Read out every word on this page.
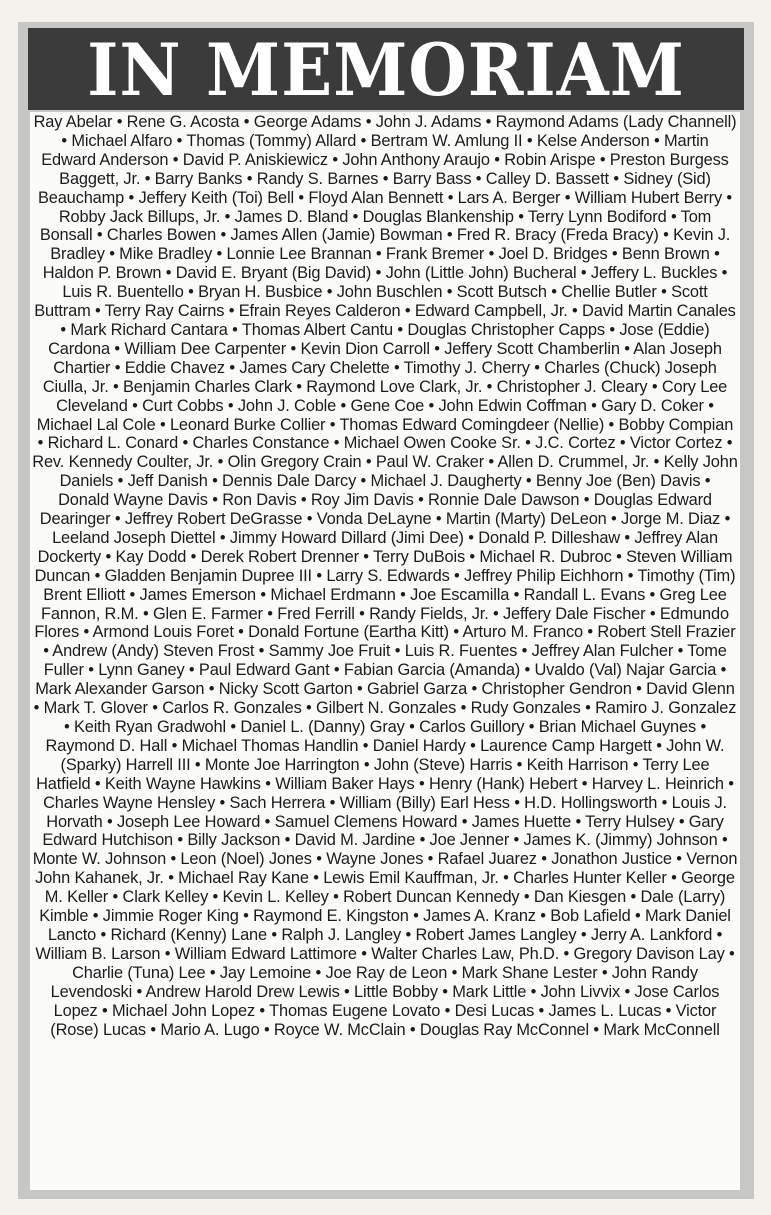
IN MEMORIAM

Ray Abelar • Rene G. Acosta • George Adams • John J. Adams • Raymond Adams (Lady Channell) • Michael Alfaro • Thomas (Tommy) Allard • Bertram W. Amlung II • Kelse Anderson • Martin Edward Anderson • David P. Aniskiewicz • John Anthony Araujo • Robin Arispe • Preston Burgess Baggett, Jr. • Barry Banks • Randy S. Barnes • Barry Bass • Calley D. Bassett • Sidney (Sid) Beauchamp • Jeffery Keith (Toi) Bell • Floyd Alan Bennett • Lars A. Berger • William Hubert Berry • Robby Jack Billups, Jr. • James D. Bland • Douglas Blankenship • Terry Lynn Bodiford • Tom Bonsall • Charles Bowen • James Allen (Jamie) Bowman • Fred R. Bracy (Freda Bracy) • Kevin J. Bradley • Mike Bradley • Lonnie Lee Brannan • Frank Bremer • Joel D. Bridges • Benn Brown • Haldon P. Brown • David E. Bryant (Big David) • John (Little John) Bucheral • Jeffery L. Buckles • Luis R. Buentello • Bryan H. Busbice • John Buschlen • Scott Butsch • Chellie Butler • Scott Buttram • Terry Ray Cairns • Efrain Reyes Calderon • Edward Campbell, Jr. • David Martin Canales • Mark Richard Cantara • Thomas Albert Cantu • Douglas Christopher Capps • Jose (Eddie) Cardona • William Dee Carpenter • Kevin Dion Carroll • Jeffery Scott Chamberlin • Alan Joseph Chartier • Eddie Chavez • James Cary Chelette • Timothy J. Cherry • Charles (Chuck) Joseph Ciulla, Jr. • Benjamin Charles Clark • Raymond Love Clark, Jr. • Christopher J. Cleary • Cory Lee Cleveland • Curt Cobbs • John J. Coble • Gene Coe • John Edwin Coffman • Gary D. Coker • Michael Lal Cole • Leonard Burke Collier • Thomas Edward Comingdeer (Nellie) • Bobby Compian • Richard L. Conard • Charles Constance • Michael Owen Cooke Sr. • J.C. Cortez • Victor Cortez • Rev. Kennedy Coulter, Jr. • Olin Gregory Crain • Paul W. Craker • Allen D. Crummel, Jr. • Kelly John Daniels • Jeff Danish • Dennis Dale Darcy • Michael J. Daugherty • Benny Joe (Ben) Davis • Donald Wayne Davis • Ron Davis • Roy Jim Davis • Ronnie Dale Dawson • Douglas Edward Dearinger • Jeffrey Robert DeGrasse • Vonda DeLayne • Martin (Marty) DeLeon • Jorge M. Diaz • Leeland Joseph Diettel • Jimmy Howard Dillard (Jimi Dee) • Donald P. Dilleshaw • Jeffrey Alan Dockerty • Kay Dodd • Derek Robert Drenner • Terry DuBois • Michael R. Dubroc • Steven William Duncan • Gladden Benjamin Dupree III • Larry S. Edwards • Jeffrey Philip Eichhorn • Timothy (Tim) Brent Elliott • James Emerson • Michael Erdmann • Joe Escamilla • Randall L. Evans • Greg Lee Fannon, R.M. • Glen E. Farmer • Fred Ferrill • Randy Fields, Jr. • Jeffery Dale Fischer • Edmundo Flores • Armond Louis Foret • Donald Fortune (Eartha Kitt) • Arturo M. Franco • Robert Stell Frazier • Andrew (Andy) Steven Frost • Sammy Joe Fruit • Luis R. Fuentes • Jeffrey Alan Fulcher • Tome Fuller • Lynn Ganey • Paul Edward Gant • Fabian Garcia (Amanda) • Uvaldo (Val) Najar Garcia • Mark Alexander Garson • Nicky Scott Garton • Gabriel Garza • Christopher Gendron • David Glenn • Mark T. Glover • Carlos R. Gonzales • Gilbert N. Gonzales • Rudy Gonzales • Ramiro J. Gonzalez • Keith Ryan Gradwohl • Daniel L. (Danny) Gray • Carlos Guillory • Brian Michael Guynes • Raymond D. Hall • Michael Thomas Handlin • Daniel Hardy • Laurence Camp Hargett • John W. (Sparky) Harrell III • Monte Joe Harrington • John (Steve) Harris • Keith Harrison • Terry Lee Hatfield • Keith Wayne Hawkins • William Baker Hays • Henry (Hank) Hebert • Harvey L. Heinrich • Charles Wayne Hensley • Sach Herrera • William (Billy) Earl Hess • H.D. Hollingsworth • Louis J. Horvath • Joseph Lee Howard • Samuel Clemens Howard • James Huette • Terry Hulsey • Gary Edward Hutchison • Billy Jackson • David M. Jardine • Joe Jenner • James K. (Jimmy) Johnson • Monte W. Johnson • Leon (Noel) Jones • Wayne Jones • Rafael Juarez • Jonathon Justice • Vernon John Kahanek, Jr. • Michael Ray Kane • Lewis Emil Kauffman, Jr. • Charles Hunter Keller • George M. Keller • Clark Kelley • Kevin L. Kelley • Robert Duncan Kennedy • Dan Kiesgen • Dale (Larry) Kimble • Jimmie Roger King • Raymond E. Kingston • James A. Kranz • Bob Lafield • Mark Daniel Lancto • Richard (Kenny) Lane • Ralph J. Langley • Robert James Langley • Jerry A. Lankford • William B. Larson • William Edward Lattimore • Walter Charles Law, Ph.D. • Gregory Davison Lay • Charlie (Tuna) Lee • Jay Lemoine • Joe Ray de Leon • Mark Shane Lester • John Randy Levendoski • Andrew Harold Drew Lewis • Little Bobby • Mark Little • John Livvix • Jose Carlos Lopez • Michael John Lopez • Thomas Eugene Lovato • Desi Lucas • James L. Lucas • Victor (Rose) Lucas • Mario A. Lugo • Royce W. McClain • Douglas Ray McConnel • Mark McConnell
